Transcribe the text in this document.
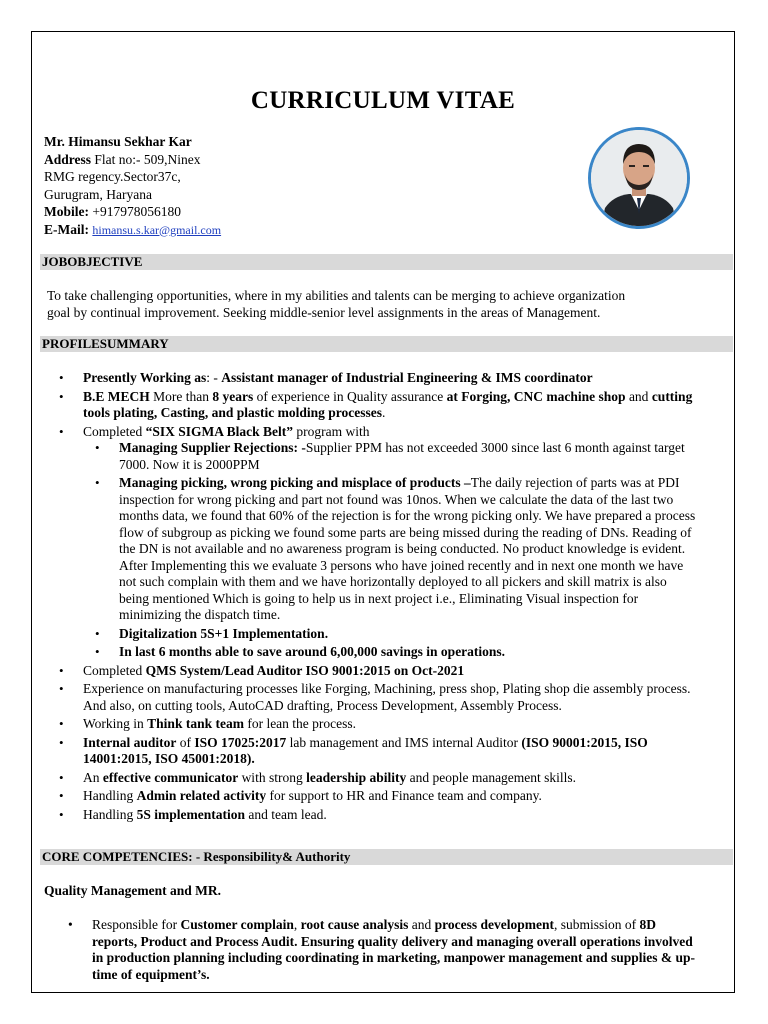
CURRICULUM VITAE
Mr. Himansu Sekhar Kar
Address Flat no:- 509,Ninex
RMG regency.Sector37c,
Gurugram, Haryana
Mobile: +917978056180
E-Mail: himansu.s.kar@gmail.com
JOBOBJECTIVE
To take challenging opportunities, where in my abilities and talents can be merging to achieve organization
goal by continual improvement. Seeking middle-senior level assignments in the areas of Management.
PROFILESUMMARY
• Presently Working as: - Assistant manager of Industrial Engineering & IMS coordinator
• B.E MECH More than 8 years of experience in Quality assurance at Forging, CNC machine shop and cutting tools plating, Casting, and plastic molding processes.
• Completed “SIX SIGMA Black Belt” program with
• Managing Supplier Rejections: -Supplier PPM has not exceeded 3000 since last 6 month against target 7000. Now it is 2000PPM
• Managing picking, wrong picking and misplace of products –The daily rejection of parts was at PDI inspection for wrong picking and part not found was 10nos. When we calculate the data of the last two months data, we found that 60% of the rejection is for the wrong picking only. We have prepared a process flow of subgroup as picking we found some parts are being missed during the reading of DNs. Reading of the DN is not available and no awareness program is being conducted. No product knowledge is evident. After Implementing this we evaluate 3 persons who have joined recently and in next one month we have not such complain with them and we have horizontally deployed to all pickers and skill matrix is also being mentioned Which is going to help us in next project i.e., Eliminating Visual inspection for minimizing the dispatch time.
• Digitalization 5S+1 Implementation.
• In last 6 months able to save around 6,00,000 savings in operations.
• Completed QMS System/Lead Auditor ISO 9001:2015 on Oct-2021
• Experience on manufacturing processes like Forging, Machining, press shop, Plating shop die assembly process. And also, on cutting tools, AutoCAD drafting, Process Development, Assembly Process.
• Working in Think tank team for lean the process.
• Internal auditor of ISO 17025:2017 lab management and IMS internal Auditor (ISO 90001:2015, ISO 14001:2015, ISO 45001:2018).
• An effective communicator with strong leadership ability and people management skills.
• Handling Admin related activity for support to HR and Finance team and company.
• Handling 5S implementation and team lead.
CORE COMPETENCIES: - Responsibility& Authority
Quality Management and MR.
• Responsible for Customer complain, root cause analysis and process development, submission of 8D reports, Product and Process Audit. Ensuring quality delivery and managing overall operations involved in production planning including coordinating in marketing, manpower management and supplies & up-time of equipment’s.
